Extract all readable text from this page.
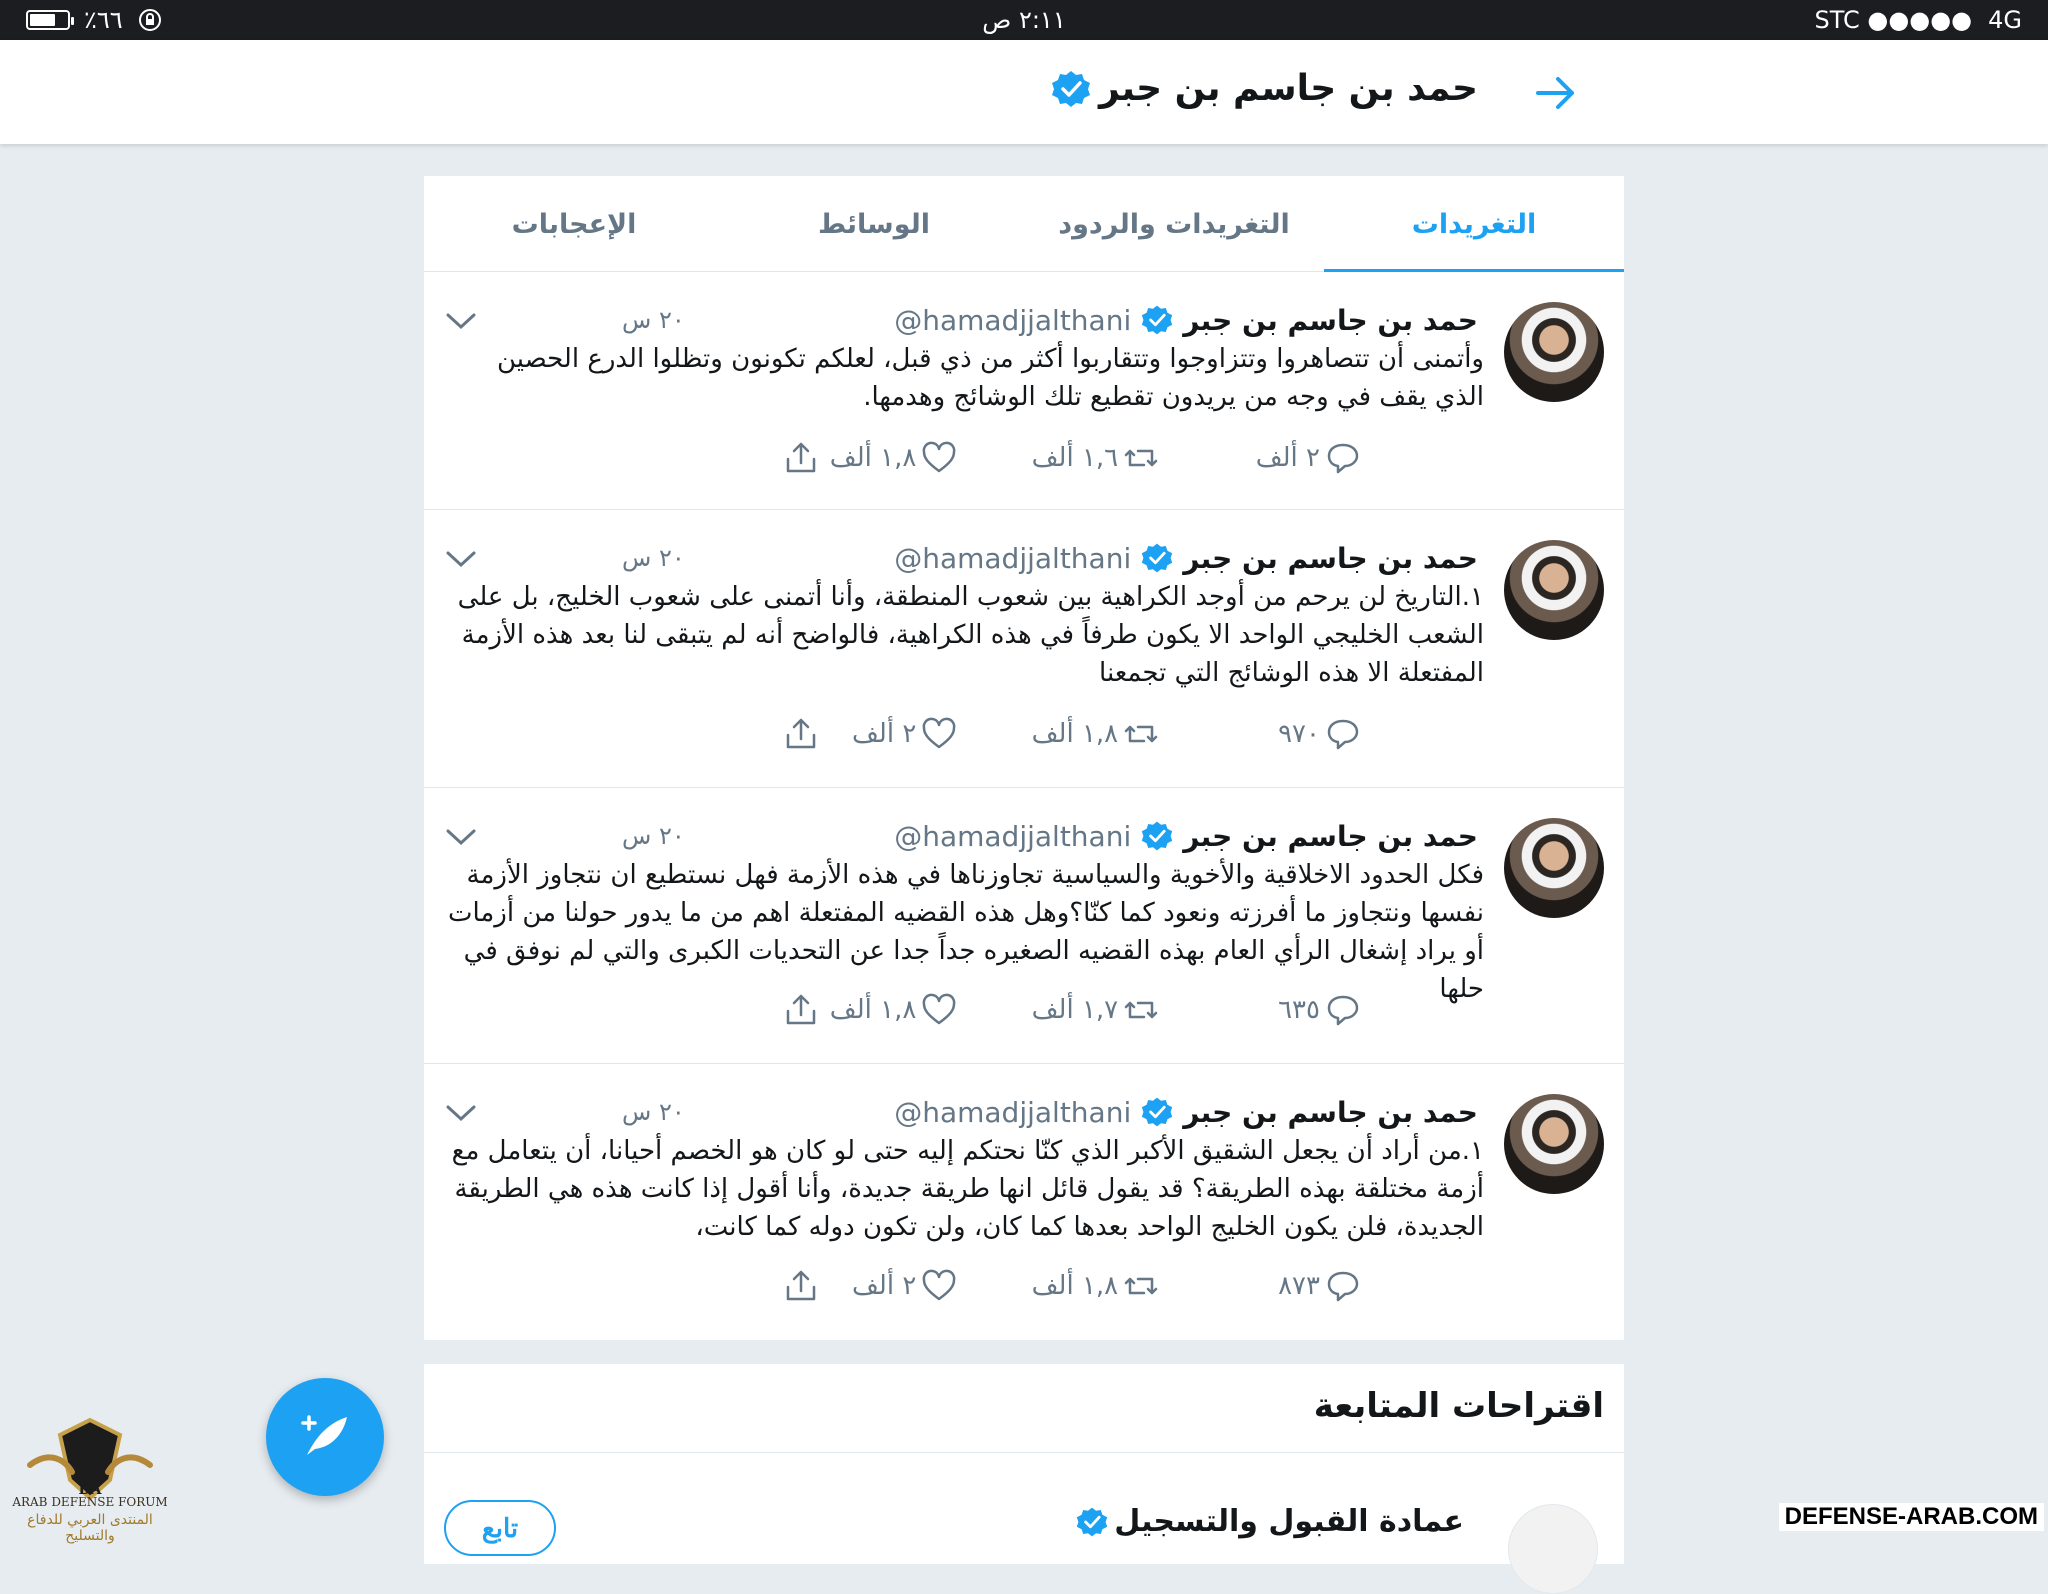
٪٦٦	٢:١١ ص	STC ●●●●● 4G
حمد بن جاسم بن جبر
التغريدات
التغريدات والردود
الوسائط
الإعجابات
حمد بن جاسم بن جبر
@hamadjjalthani
٢٠ س
وأتمنى أن تتصاهروا وتتزاوجوا وتتقاربوا أكثر من ذي قبل، لعلكم تكونون وتظلوا الدرع الحصين الذي يقف في وجه من يريدون تقطيع تلك الوشائج وهدمها.
٢ ألف
١,٦ ألف
١,٨ ألف
حمد بن جاسم بن جبر
@hamadjjalthani
٢٠ س
١.التاريخ لن يرحم من أوجد الكراهية بين شعوب المنطقة، وأنا أتمنى على شعوب الخليج، بل على الشعب الخليجي الواحد الا يكون طرفاً في هذه الكراهية، فالواضح أنه لم يتبقى لنا بعد هذه الأزمة المفتعلة الا هذه الوشائج التي تجمعنا
٩٧٠
١,٨ ألف
٢ ألف
حمد بن جاسم بن جبر
@hamadjjalthani
٢٠ س
فكل الحدود الاخلاقية والأخوية والسياسية تجاوزناها في هذه الأزمة فهل نستطيع ان نتجاوز الأزمة نفسها ونتجاوز ما أفرزته ونعود كما كنّا؟وهل هذه القضيه المفتعلة اهم من ما يدور حولنا من أزمات أو يراد إشغال الرأي العام بهذه القضيه الصغيره جداً جدا عن التحديات الكبرى والتي لم نوفق في حلها
٦٣٥
١,٧ ألف
١,٨ ألف
حمد بن جاسم بن جبر
@hamadjjalthani
٢٠ س
١.من أراد أن يجعل الشقيق الأكبر الذي كنّا نحتكم إليه حتى لو كان هو الخصم أحيانا، أن يتعامل مع أزمة مختلقة بهذه الطريقة؟ قد يقول قائل انها طريقة جديدة، وأنا أقول إذا كانت هذه هي الطريقة الجديدة، فلن يكون الخليج الواحد بعدها كما كان، ولن تكون دوله كما كانت،
٨٧٣
١,٨ ألف
٢ ألف
اقتراحات المتابعة
عمادة القبول والتسجيل
تابع
DA
ARAB DEFENSE FORUM
المنتدى العربي للدفاع والتسليح
DEFENSE-ARAB.COM
